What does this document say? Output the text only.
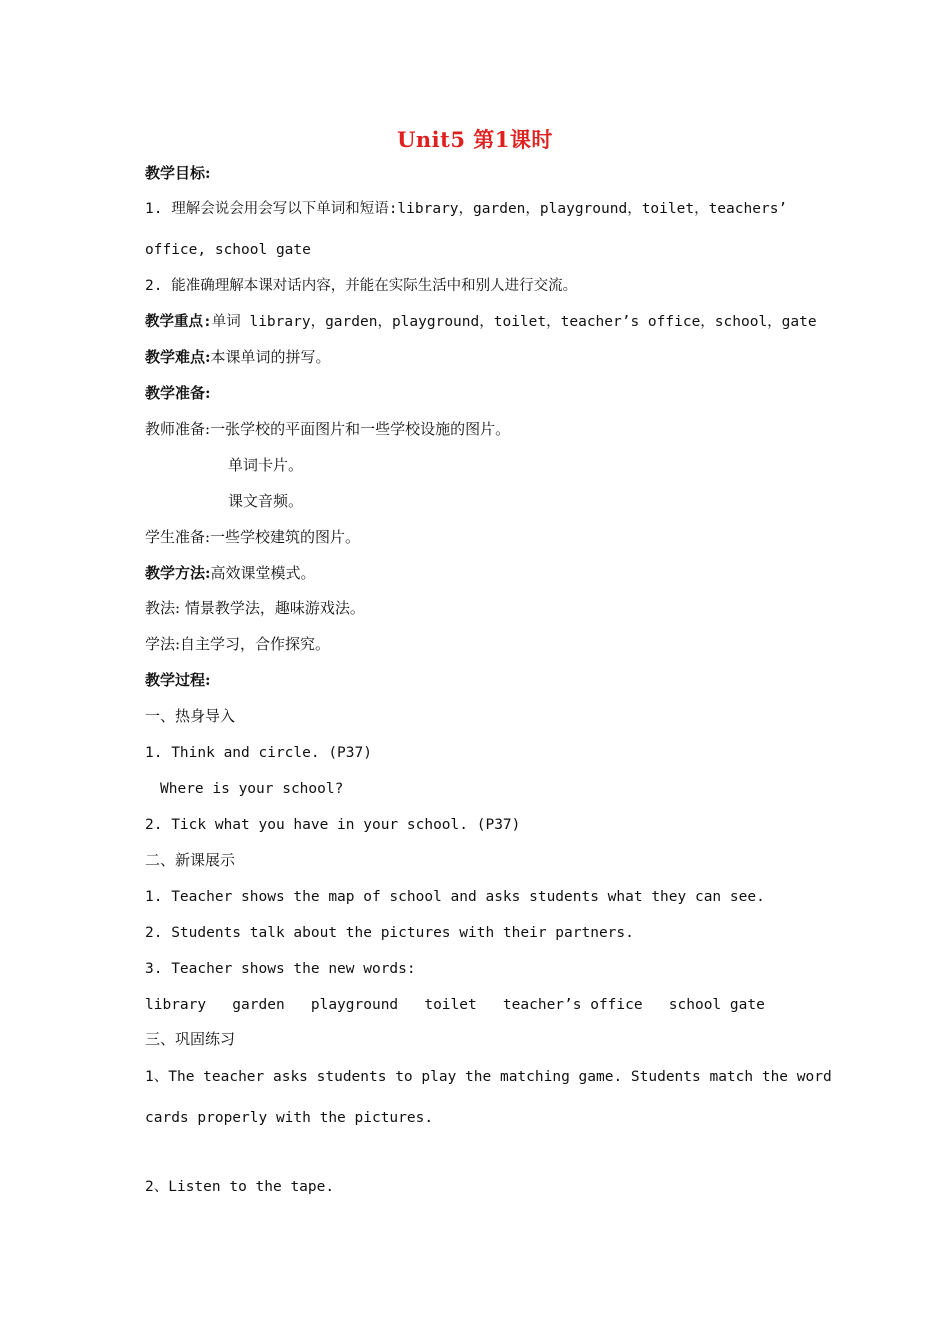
Unit5 第1课时
教学目标:
1. 理解会说会用会写以下单词和短语:library，garden，playground，toilet，teachers’
office, school gate
2. 能准确理解本课对话内容，并能在实际生活中和别人进行交流。
教学重点:单词 library，garden，playground，toilet，teacher’s office，school，gate
教学难点:本课单词的拼写。
教学准备:
教师准备:一张学校的平面图片和一些学校设施的图片。
单词卡片。
课文音频。
学生准备:一些学校建筑的图片。
教学方法:高效课堂模式。
教法: 情景教学法，趣味游戏法。
学法:自主学习，合作探究。
教学过程:
一、热身导入
1. Think and circle. (P37)
Where is your school?
2. Tick what you have in your school. (P37)
二、新课展示
1. Teacher shows the map of school and asks students what they can see.
2. Students talk about the pictures with their partners.
3. Teacher shows the new words:
library   garden   playground   toilet   teacher’s office   school gate
三、巩固练习
1、The teacher asks students to play the matching game. Students match the word
cards properly with the pictures.
2、Listen to the tape.
